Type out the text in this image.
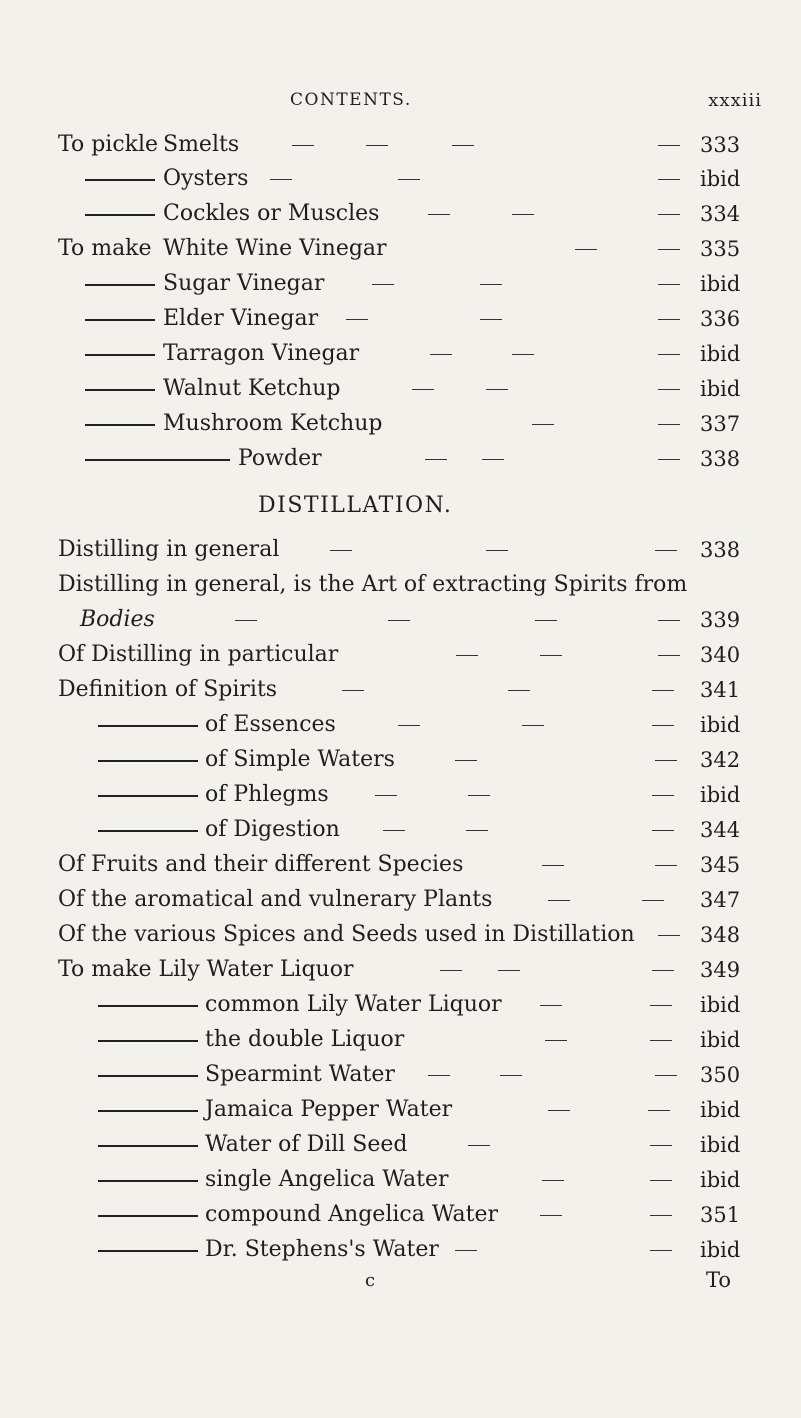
CONTENTS.	xxxiii
To pickle Smelts	333
Oysters	ibid
Cockles or Muscles	334
To make White Wine Vinegar	335
Sugar Vinegar	ibid
Elder Vinegar	336
Tarragon Vinegar	ibid
Walnut Ketchup	ibid
Mushroom Ketchup	337
Powder	338
DISTILLATION.
Distilling in general	338
Distilling in general, is the Art of extracting Spirits from
Bodies	339
Of Distilling in particular	340
Definition of Spirits	341
of Essences	ibid
of Simple Waters	342
of Phlegms	ibid
of Digestion	344
Of Fruits and their different Species	345
Of the aromatical and vulnerary Plants	347
Of the various Spices and Seeds used in Distillation	348
To make Lily Water Liquor	349
common Lily Water Liquor	ibid
the double Liquor	ibid
Spearmint Water	350
Jamaica Pepper Water	ibid
Water of Dill Seed	ibid
single Angelica Water	ibid
compound Angelica Water	351
Dr. Stephens's Water	ibid
c	To
